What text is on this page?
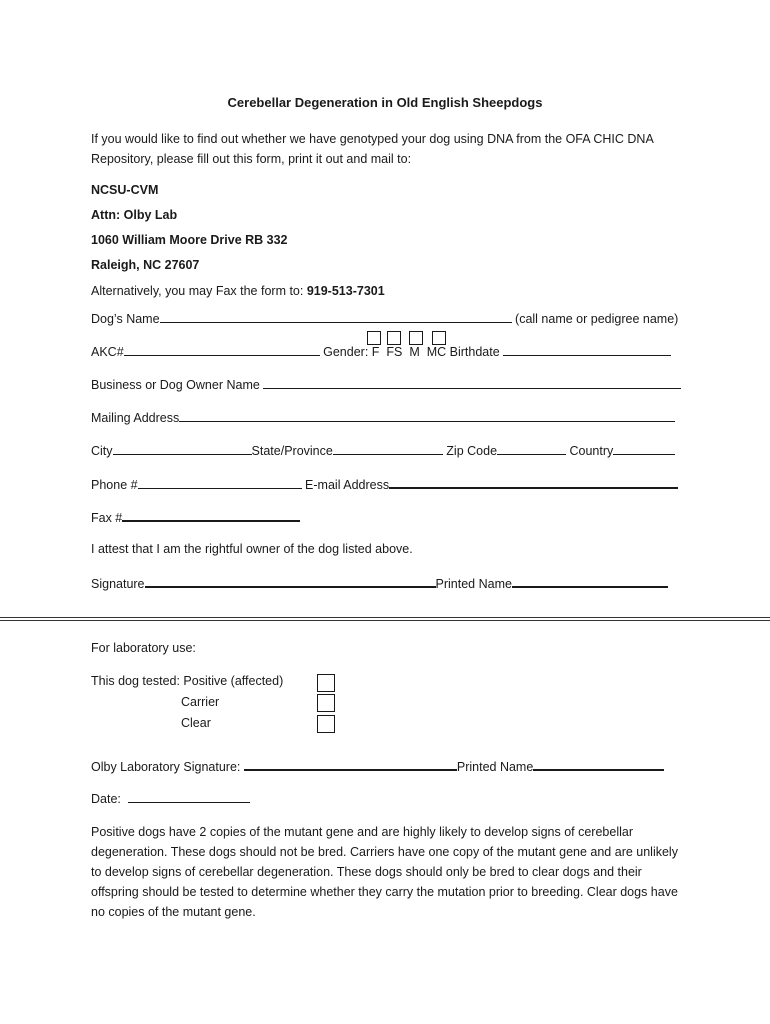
Cerebellar Degeneration in Old English Sheepdogs
If you would like to find out whether we have genotyped your dog using DNA from the OFA CHIC DNA Repository, please fill out this form, print it out and mail to:
NCSU-CVM
Attn: Olby Lab
1060 William Moore Drive RB 332
Raleigh, NC 27607
Alternatively, you may Fax the form to: 919-513-7301
Dog’s Name	(call name or pedigree name)
AKC#	Gender: F FS M MC Birthdate
Business or Dog Owner Name
Mailing Address
City	State/Province	Zip Code	Country
Phone #	E-mail Address
Fax #
I attest that I am the rightful owner of the dog listed above.
Signature	Printed Name
For laboratory use:
This dog tested: Positive (affected)
Carrier
Clear
Olby Laboratory Signature:	Printed Name
Date:
Positive dogs have 2 copies of the mutant gene and are highly likely to develop signs of cerebellar degeneration. These dogs should not be bred. Carriers have one copy of the mutant gene and are unlikely to develop signs of cerebellar degeneration. These dogs should only be bred to clear dogs and their offspring should be tested to determine whether they carry the mutation prior to breeding. Clear dogs have no copies of the mutant gene.
